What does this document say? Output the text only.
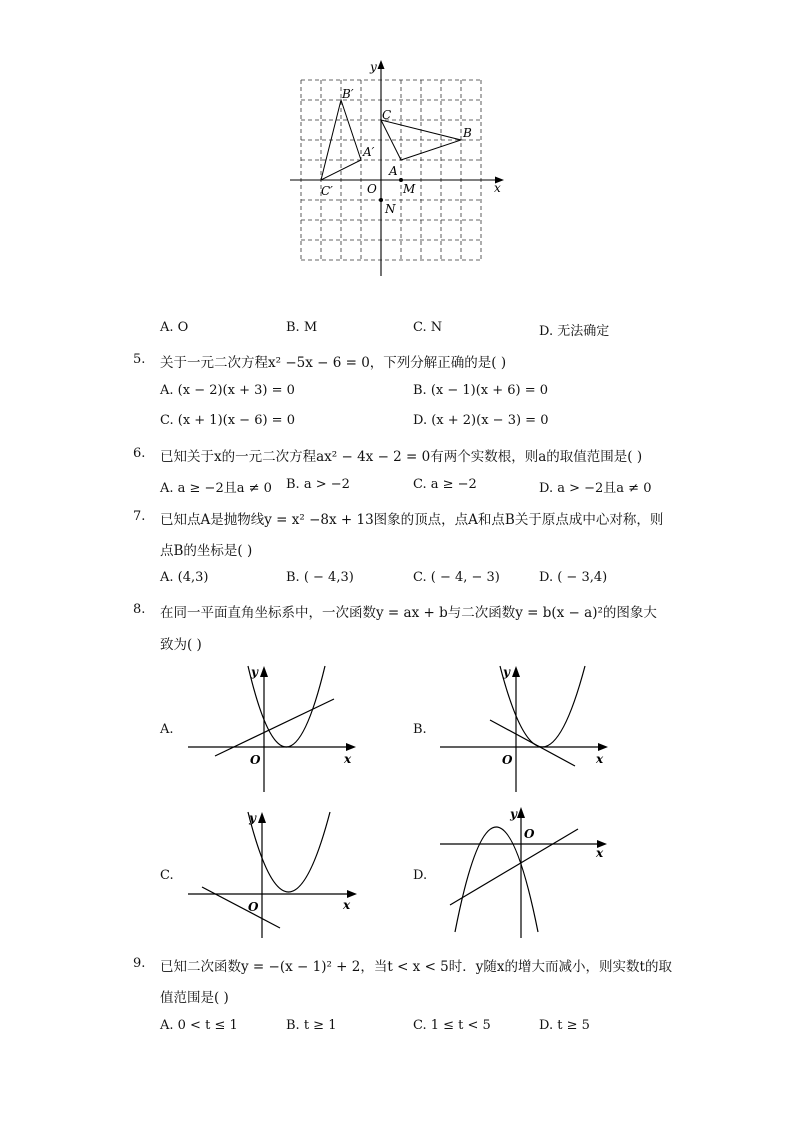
y
x
O
A
B
C
A′
B′
C′	M
N
A. O	B. M	C. N	D. 无法确定
5. 关于一元二次方程x² −5x − 6 = 0，下列分解正确的是( )
A. (x − 2)(x + 3) = 0	B. (x − 1)(x + 6) = 0
C. (x + 1)(x − 6) = 0	D. (x + 2)(x − 3) = 0
6. 已知关于x的一元二次方程ax² − 4x − 2 = 0有两个实数根，则a的取值范围是( )
A. a ≥ −2且a ≠ 0 B. a > −2	C. a ≥ −2	D. a > −2且a ≠ 0
7. 已知点A是抛物线y = x² −8x + 13图象的顶点，点A和点B关于原点成中心对称，则
点B的坐标是( )
A. (4,3)	B. ( − 4,3)	C. ( − 4, − 3)	D. ( − 3,4)
8. 在同一平面直角坐标系中，一次函数y = ax + b与二次函数y = b(x − a)²的图象大
致为( )
A.	B.
C.	D.
y
x
O
y
x
O
y
x
O
y
x
O
9. 已知二次函数y = −(x − 1)² + 2，当t < x < 5时．y随x的增大而减小，则实数t的取
值范围是( )
A. 0 < t ≤ 1	B. t ≥ 1	C. 1 ≤ t < 5	D. t ≥ 5
